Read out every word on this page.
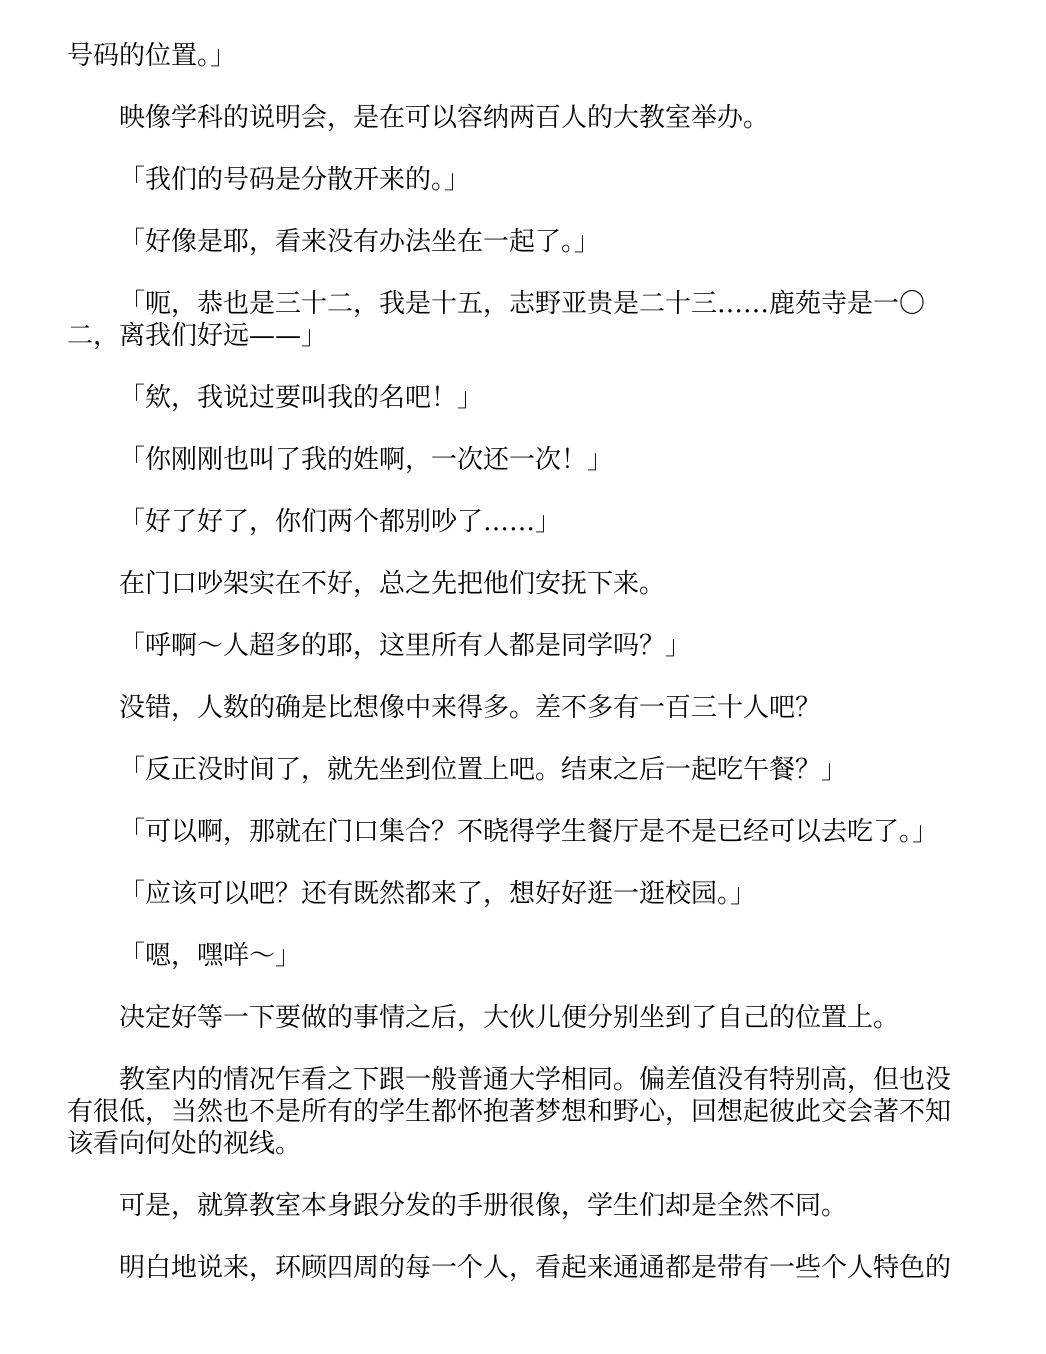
号码的位置。」

映像学科的说明会，是在可以容纳两百人的大教室举办。

「我们的号码是分散开来的。」

「好像是耶，看来没有办法坐在一起了。」

「呃，恭也是三十二，我是十五，志野亚贵是二十三……鹿苑寺是一〇二，离我们好远——」

「欸，我说过要叫我的名吧！」

「你刚刚也叫了我的姓啊，一次还一次！」

「好了好了，你们两个都别吵了……」

在门口吵架实在不好，总之先把他们安抚下来。

「呼啊～人超多的耶，这里所有人都是同学吗？」

没错，人数的确是比想像中来得多。差不多有一百三十人吧？

「反正没时间了，就先坐到位置上吧。结束之后一起吃午餐？」

「可以啊，那就在门口集合？不晓得学生餐厅是不是已经可以去吃了。」

「应该可以吧？还有既然都来了，想好好逛一逛校园。」

「嗯，嘿咩～」

决定好等一下要做的事情之后，大伙儿便分别坐到了自己的位置上。

教室内的情况乍看之下跟一般普通大学相同。偏差值没有特别高，但也没有很低，当然也不是所有的学生都怀抱著梦想和野心，回想起彼此交会著不知该看向何处的视线。

可是，就算教室本身跟分发的手册很像，学生们却是全然不同。

明白地说来，环顾四周的每一个人，看起来通通都是带有一些个人特色的
